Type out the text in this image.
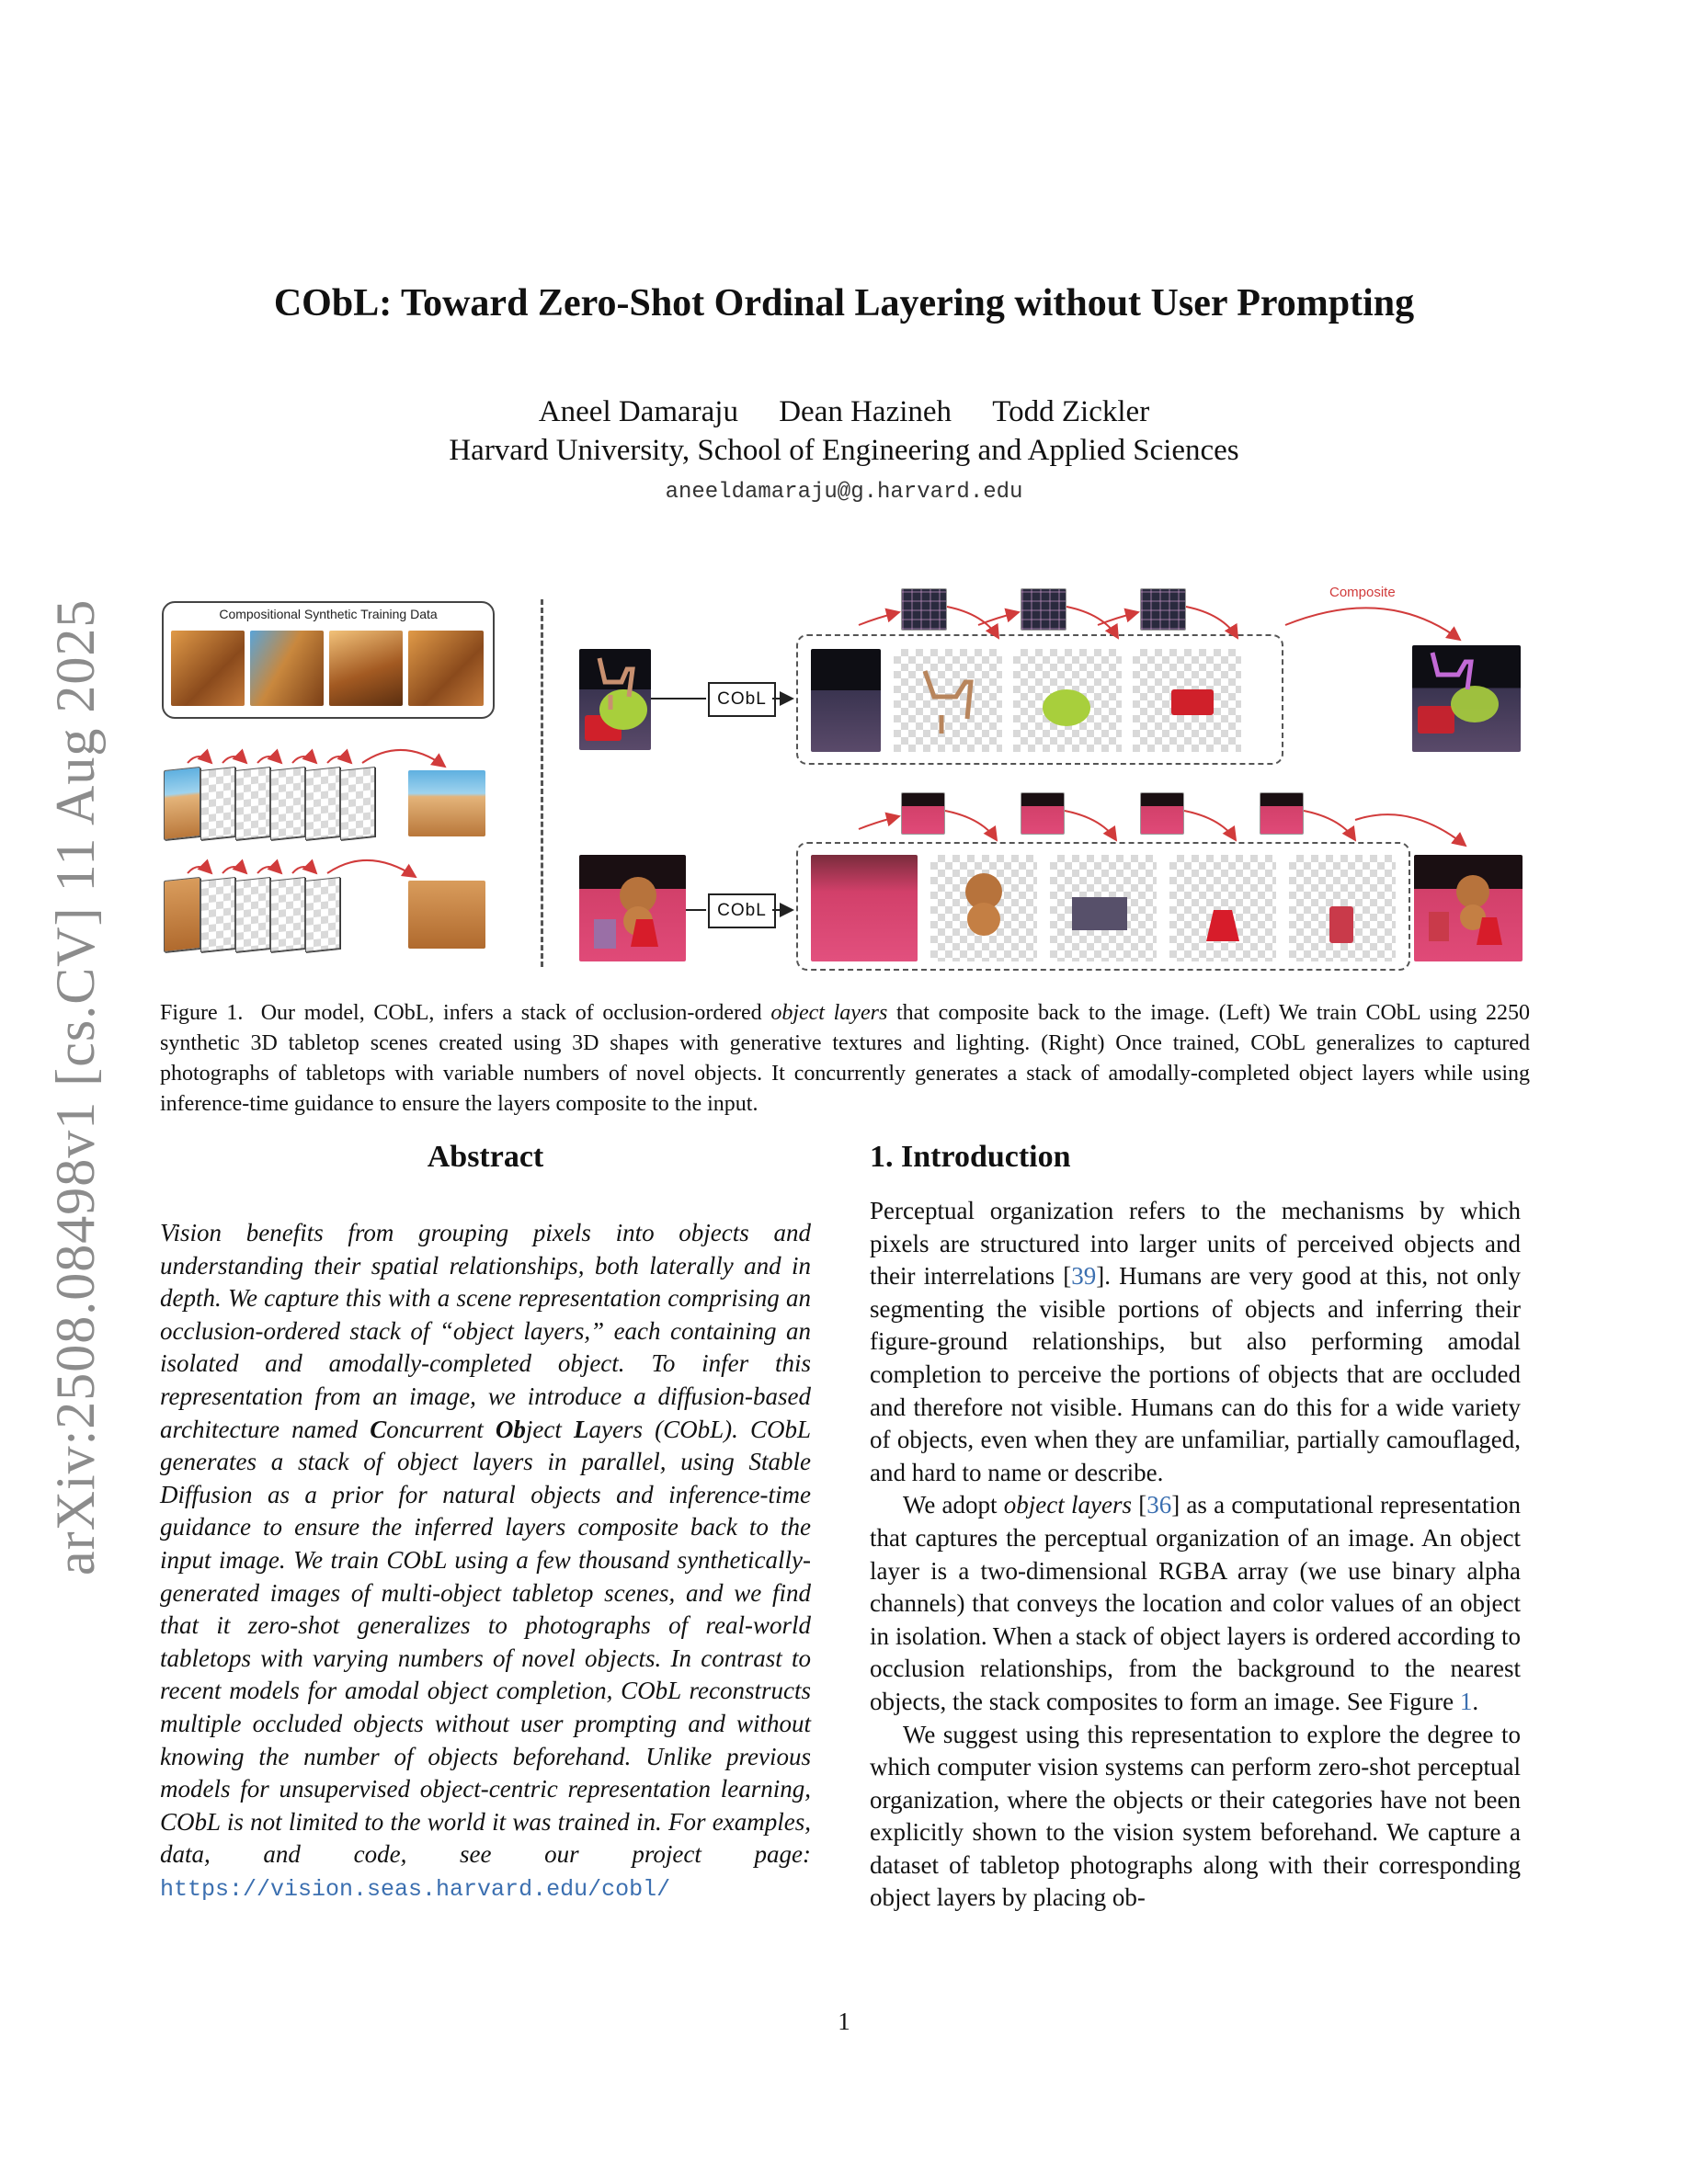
arXiv:2508.08498v1 [cs.CV] 11 Aug 2025
CObL: Toward Zero-Shot Ordinal Layering without User Prompting
Aneel Damaraju Dean Hazineh Todd Zickler
Harvard University, School of Engineering and Applied Sciences
aneeldamaraju@g.harvard.edu
Compositional Synthetic Training Data
CObL
Composite
CObL
Figure 1. Our model, CObL, infers a stack of occlusion-ordered object layers that composite back to the image. (Left) We train CObL using 2250 synthetic 3D tabletop scenes created using 3D shapes with generative textures and lighting. (Right) Once trained, CObL generalizes to captured photographs of tabletops with variable numbers of novel objects. It concurrently generates a stack of amodally-completed object layers while using inference-time guidance to ensure the layers composite to the input.
Abstract
Vision benefits from grouping pixels into objects and understanding their spatial relationships, both laterally and in depth. We capture this with a scene representation comprising an occlusion-ordered stack of “object layers,” each containing an isolated and amodally-completed object. To infer this representation from an image, we introduce a diffusion-based architecture named Concurrent Object Layers (CObL). CObL generates a stack of object layers in parallel, using Stable Diffusion as a prior for natural objects and inference-time guidance to ensure the inferred layers composite back to the input image. We train CObL using a few thousand synthetically-generated images of multi-object tabletop scenes, and we find that it zero-shot generalizes to photographs of real-world tabletops with varying numbers of novel objects. In contrast to recent models for amodal object completion, CObL reconstructs multiple occluded objects without user prompting and without knowing the number of objects beforehand. Unlike previous models for unsupervised object-centric representation learning, CObL is not limited to the world it was trained in. For examples, data, and code, see our project page: https://vision.seas.harvard.edu/cobl/
1. Introduction

Perceptual organization refers to the mechanisms by which pixels are structured into larger units of perceived objects and their interrelations [39]. Humans are very good at this, not only segmenting the visible portions of objects and inferring their figure-ground relationships, but also performing amodal completion to perceive the portions of objects that are occluded and therefore not visible. Humans can do this for a wide variety of objects, even when they are unfamiliar, partially camouflaged, and hard to name or describe.

We adopt object layers [36] as a computational representation that captures the perceptual organization of an image. An object layer is a two-dimensional RGBA array (we use binary alpha channels) that conveys the location and color values of an object in isolation. When a stack of object layers is ordered according to occlusion relationships, from the background to the nearest objects, the stack composites to form an image. See Figure 1.

We suggest using this representation to explore the degree to which computer vision systems can perform zero-shot perceptual organization, where the objects or their categories have not been explicitly shown to the vision system beforehand. We capture a dataset of tabletop photographs along with their corresponding object layers by placing ob-

1
